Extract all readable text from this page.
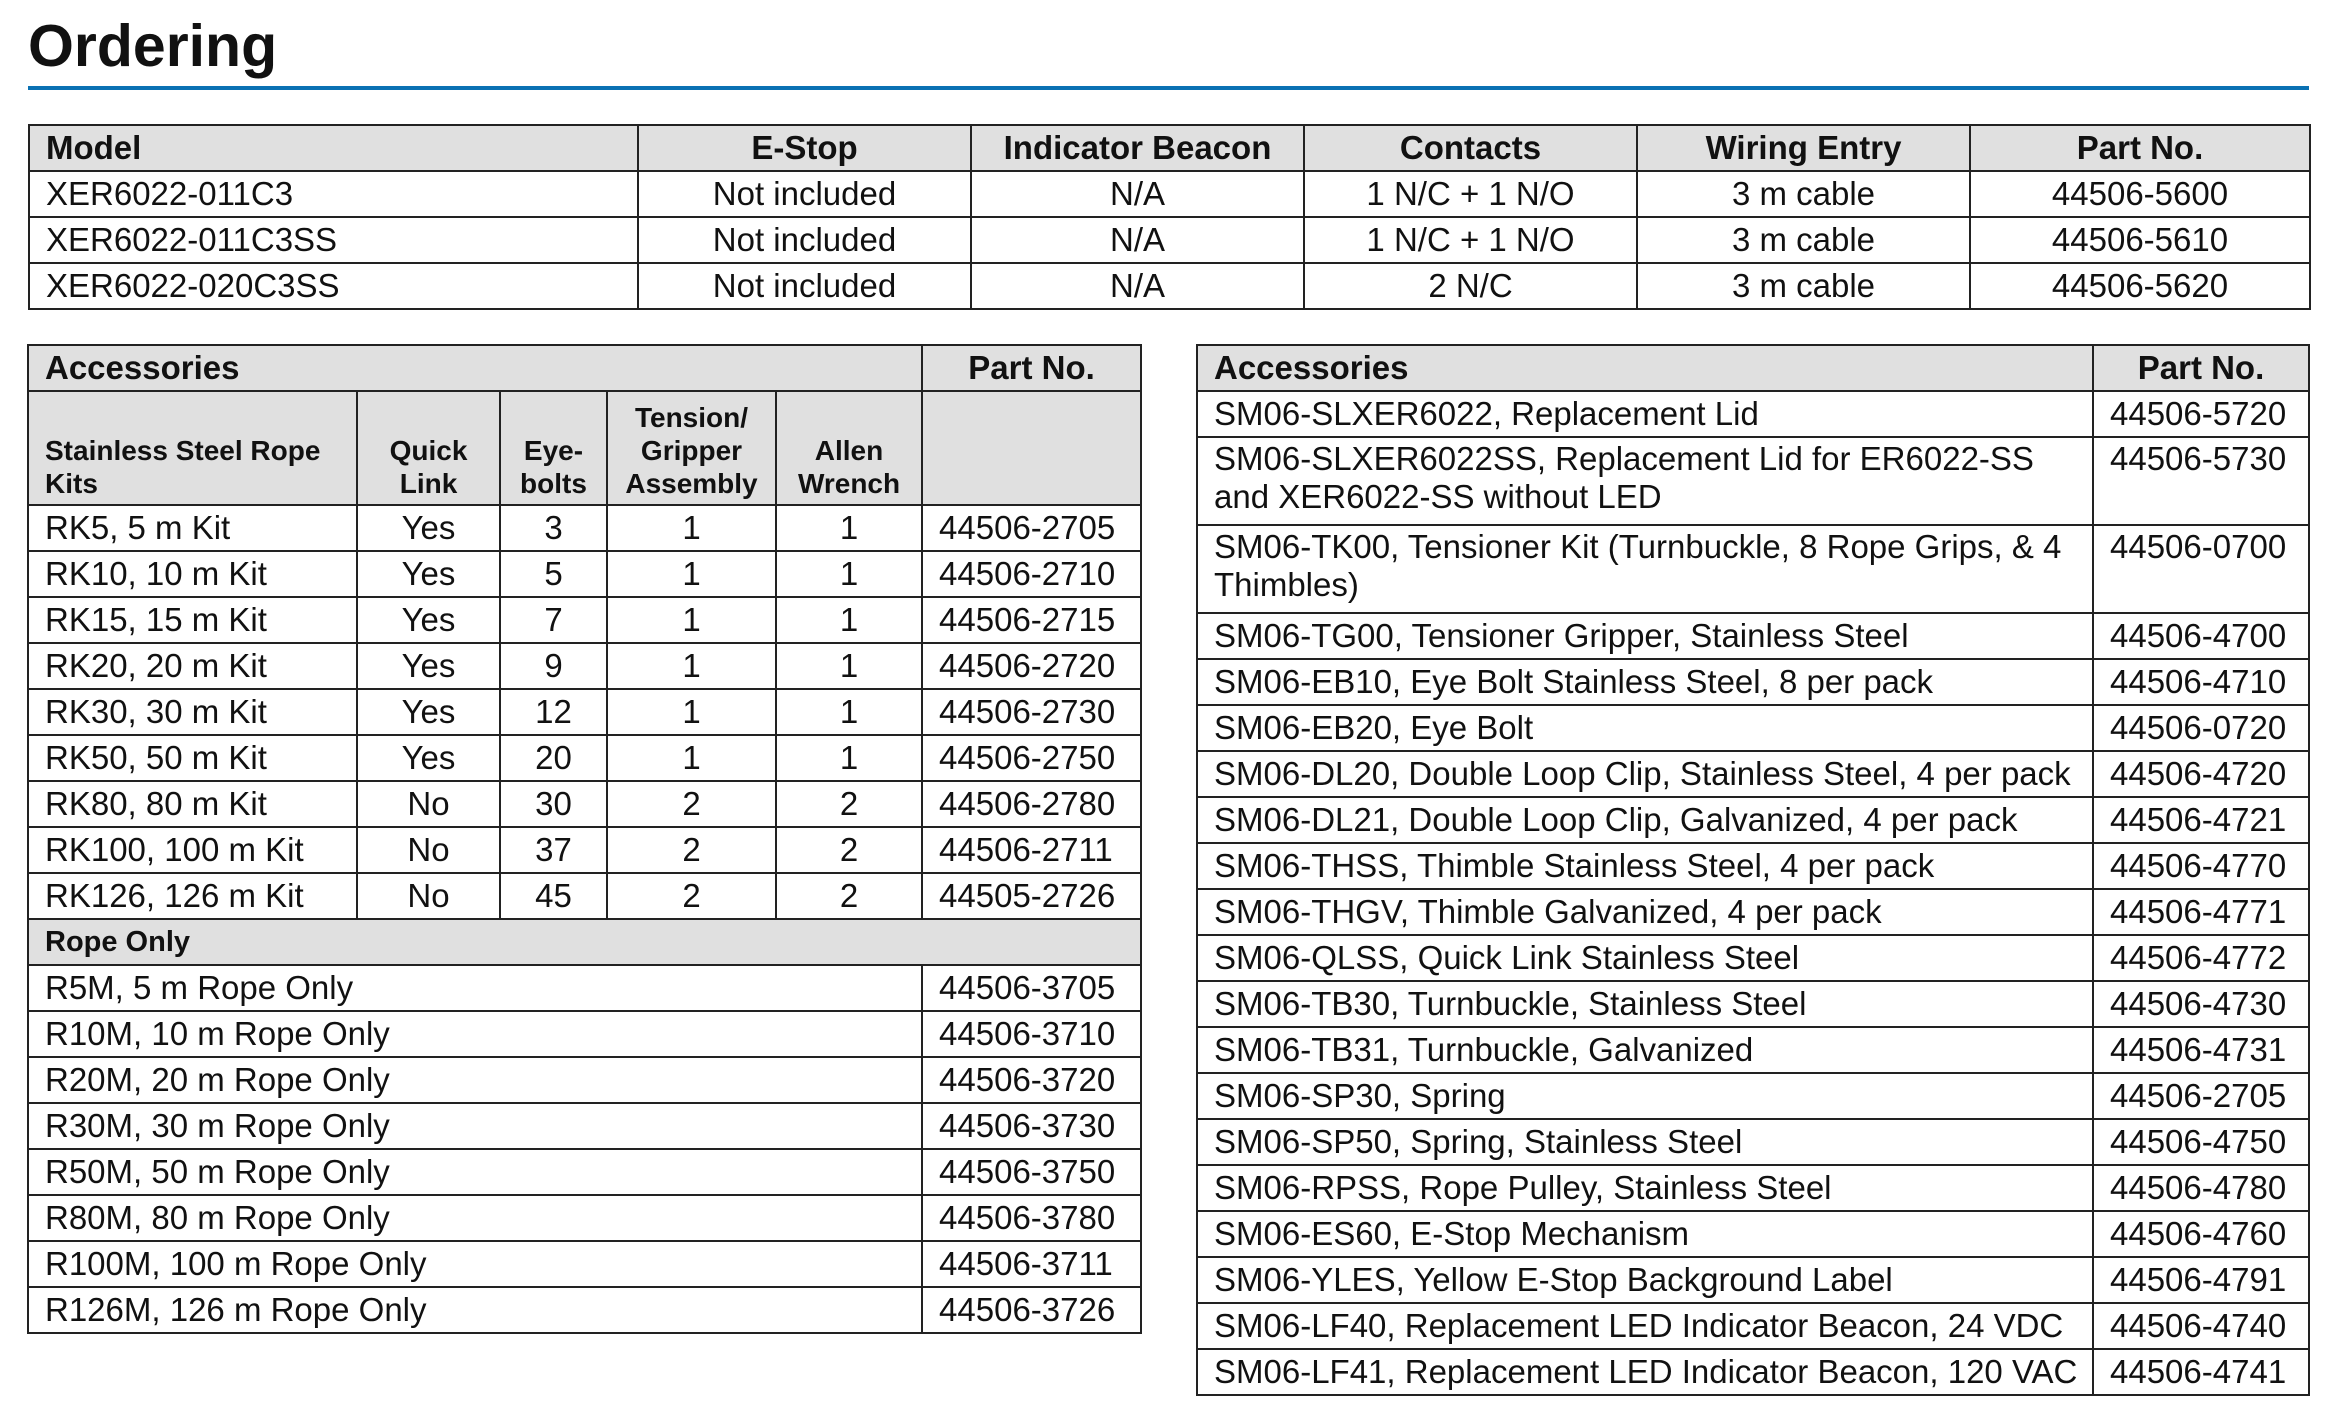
Ordering
Model	E-Stop	Indicator Beacon	Contacts	Wiring Entry	Part No.
XER6022-011C3	Not included	N/A	1 N/C + 1 N/O	3 m cable	44506-5600
XER6022-011C3SS	Not included	N/A	1 N/C + 1 N/O	3 m cable	44506-5610
XER6022-020C3SS	Not included	N/A	2 N/C	3 m cable	44506-5620
Accessories					Part No.
Stainless Steel Rope Kits	Quick Link	Eye-bolts	Tension/ Gripper Assembly	Allen Wrench	
RK5, 5 m Kit	Yes	3	1	1	44506-2705
RK10, 10 m Kit	Yes	5	1	1	44506-2710
RK15, 15 m Kit	Yes	7	1	1	44506-2715
RK20, 20 m Kit	Yes	9	1	1	44506-2720
RK30, 30 m Kit	Yes	12	1	1	44506-2730
RK50, 50 m Kit	Yes	20	1	1	44506-2750
RK80, 80 m Kit	No	30	2	2	44506-2780
RK100, 100 m Kit	No	37	2	2	44506-2711
RK126, 126 m Kit	No	45	2	2	44505-2726
Rope Only					
R5M, 5 m Rope Only					44506-3705
R10M, 10 m Rope Only					44506-3710
R20M, 20 m Rope Only					44506-3720
R30M, 30 m Rope Only					44506-3730
R50M, 50 m Rope Only					44506-3750
R80M, 80 m Rope Only					44506-3780
R100M, 100 m Rope Only					44506-3711
R126M, 126 m Rope Only					44506-3726
Accessories	Part No.
SM06-SLXER6022, Replacement Lid	44506-5720
SM06-SLXER6022SS, Replacement Lid for ER6022-SS and XER6022-SS without LED	44506-5730
SM06-TK00, Tensioner Kit (Turnbuckle, 8 Rope Grips, & 4 Thimbles)	44506-0700
SM06-TG00, Tensioner Gripper, Stainless Steel	44506-4700
SM06-EB10, Eye Bolt Stainless Steel, 8 per pack	44506-4710
SM06-EB20, Eye Bolt	44506-0720
SM06-DL20, Double Loop Clip, Stainless Steel, 4 per pack	44506-4720
SM06-DL21, Double Loop Clip, Galvanized, 4 per pack	44506-4721
SM06-THSS, Thimble Stainless Steel, 4 per pack	44506-4770
SM06-THGV, Thimble Galvanized, 4 per pack	44506-4771
SM06-QLSS, Quick Link Stainless Steel	44506-4772
SM06-TB30, Turnbuckle, Stainless Steel	44506-4730
SM06-TB31, Turnbuckle, Galvanized	44506-4731
SM06-SP30, Spring	44506-2705
SM06-SP50, Spring, Stainless Steel	44506-4750
SM06-RPSS, Rope Pulley, Stainless Steel	44506-4780
SM06-ES60, E-Stop Mechanism	44506-4760
SM06-YLES, Yellow E-Stop Background Label	44506-4791
SM06-LF40, Replacement LED Indicator Beacon, 24 VDC	44506-4740
SM06-LF41, Replacement LED Indicator Beacon, 120 VAC	44506-4741
